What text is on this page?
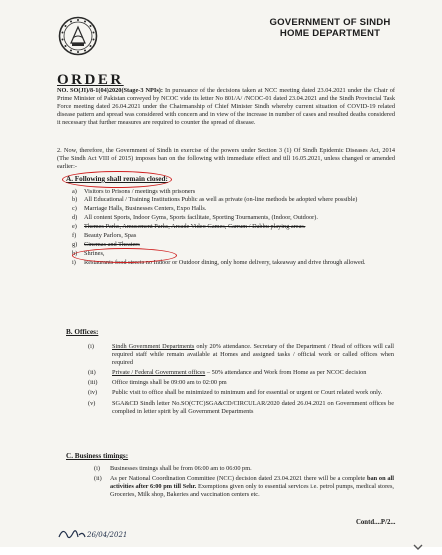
GOVERNMENT OF SINDH
HOME DEPARTMENT
ORDER
NO. SO(JI)/8-1(04)2020(Stage-3 NPIs): In pursuance of the decisions taken at NCC meeting dated 23.04.2021 under the Chair of Prime Minister of Pakistan conveyed by NCOC vide its letter No 801/A/ /NCOC-01 dated 23.04.2021 and the Sindh Provincial Task Force meeting dated 26.04.2021 under the Chairmanship of Chief Minister Sindh whereby current situation of COVID-19 related disease pattern and spread was considered with concern and in view of the increase in number of cases and resulted deaths considered it necessary that further measures are required to counter the spread of disease.
2. Now, therefore, the Government of Sindh in exercise of the powers under Section 3 (1) Of Sindh Epidemic Diseases Act, 2014 (The Sindh Act VIII of 2015) imposes ban on the following with immediate effect and till 16.05.2021, unless changed or amended earlier:-
A. Following shall remain closed:
a)	Visitors to Prisons / meetings with prisoners
b)	All Educational / Training Institutions Public as well as private (on-line methods be adopted where possible)
c)	Marriage Halls, Businesses Centers, Expo Halls.
d)	All content Sports, Indoor Gyms, Sports facilitate, Sporting Tournaments, (Indoor, Outdoor).
e)	Themes Parks, Amusement Parks, Arcade Video Games, Carrum / Dabbu playing areas.
f)	Beauty Parlors, Spas
g)	Cinemas and Theaters
h)	Shrines,
i)	Restaurants food streets no Indoor or Outdoor dining, only home delivery, takeaway and drive through allowed.
B. Offices:
(i)	Sindh Government Departments only 20% attendance. Secretary of the Department / Head of offices will call required staff while remain available at Homes and assigned tasks / official work or called offices when required
(ii)	Private / Federal Government offices – 50% attendance and Work from Home as per NCOC decision
(iii)	Office timings shall be 09:00 am to 02:00 pm
(iv)	Public visit to office shall be minimized to minimum and for essential or urgent or Court related work only.
(v)	SGA&CD Sindh letter No.SO(CTC)SGA&CD/CIRCULAR/2020 dated 26.04.2021 on Government offices be complied in letter spirit by all Government Departments
C. Business timings:
(i)	Businesses timings shall be from 06:00 am to 06:00 pm.
(ii)	As per National Coordination Committee (NCC) decision dated 23.04.2021 there will be a complete ban on all activities after 6:00 pm till Sehr. Exemptions given only to essential services i.e. petrol pumps, medical stores, Groceries, Milk shop, Bakeries and vaccination centers etc.
Contd....P/2...
26/04/2021
